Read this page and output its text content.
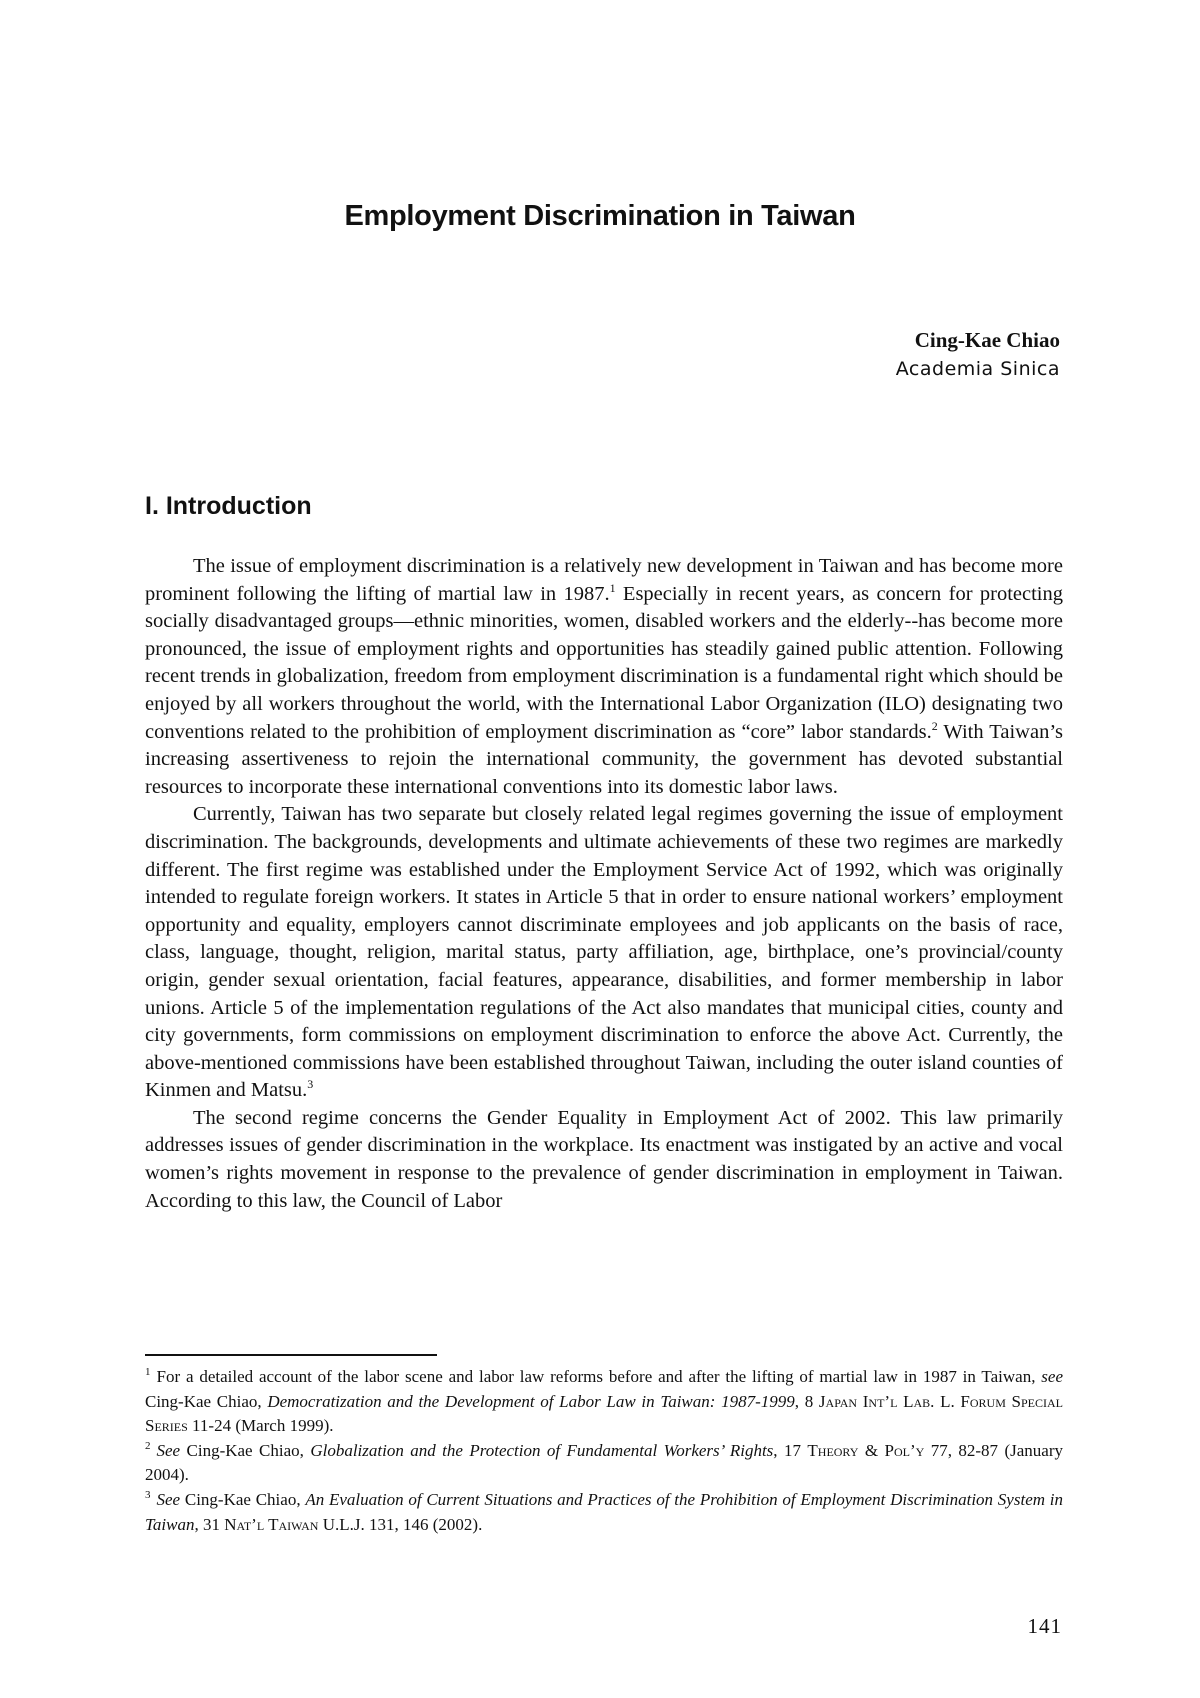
Employment Discrimination in Taiwan
Cing-Kae Chiao
Academia Sinica
I. Introduction

The issue of employment discrimination is a relatively new development in Taiwan and has become more prominent following the lifting of martial law in 1987.$^1$ Especially in recent years, as concern for protecting socially disadvantaged groups—ethnic minorities, women, disabled workers and the elderly--has become more pronounced, the issue of employment rights and opportunities has steadily gained public attention. Following recent trends in globalization, freedom from employment discrimination is a fundamental right which should be enjoyed by all workers throughout the world, with the International Labor Organization (ILO) designating two conventions related to the prohibition of employment discrimination as “core” labor standards.$^2$ With Taiwan’s increasing assertiveness to rejoin the international community, the government has devoted substantial resources to incorporate these international conventions into its domestic labor laws.

Currently, Taiwan has two separate but closely related legal regimes governing the issue of employment discrimination. The backgrounds, developments and ultimate achievements of these two regimes are markedly different. The first regime was established under the Employment Service Act of 1992, which was originally intended to regulate foreign workers. It states in Article 5 that in order to ensure national workers’ employment opportunity and equality, employers cannot discriminate employees and job applicants on the basis of race, class, language, thought, religion, marital status, party affiliation, age, birthplace, one’s provincial/county origin, gender sexual orientation, facial features, appearance, disabilities, and former membership in labor unions. Article 5 of the implementation regulations of the Act also mandates that municipal cities, county and city governments, form commissions on employment discrimination to enforce the above Act. Currently, the above-mentioned commissions have been established throughout Taiwan, including the outer island counties of Kinmen and Matsu.$^3$

The second regime concerns the Gender Equality in Employment Act of 2002. This law primarily addresses issues of gender discrimination in the workplace. Its enactment was instigated by an active and vocal women’s rights movement in response to the prevalence of gender discrimination in employment in Taiwan. According to this law, the Council of Labor

$^1$ For a detailed account of the labor scene and labor law reforms before and after the lifting of martial law in 1987 in Taiwan, see Cing-Kae Chiao, Democratization and the Development of Labor Law in Taiwan: 1987-1999, 8 Japan Int’l Lab. L. Forum Special Series 11-24 (March 1999).

$^2$ See Cing-Kae Chiao, Globalization and the Protection of Fundamental Workers’ Rights, 17 Theory & Pol’y 77, 82-87 (January 2004).

$^3$ See Cing-Kae Chiao, An Evaluation of Current Situations and Practices of the Prohibition of Employment Discrimination System in Taiwan, 31 Nat’l Taiwan U.L.J. 131, 146 (2002).

141
